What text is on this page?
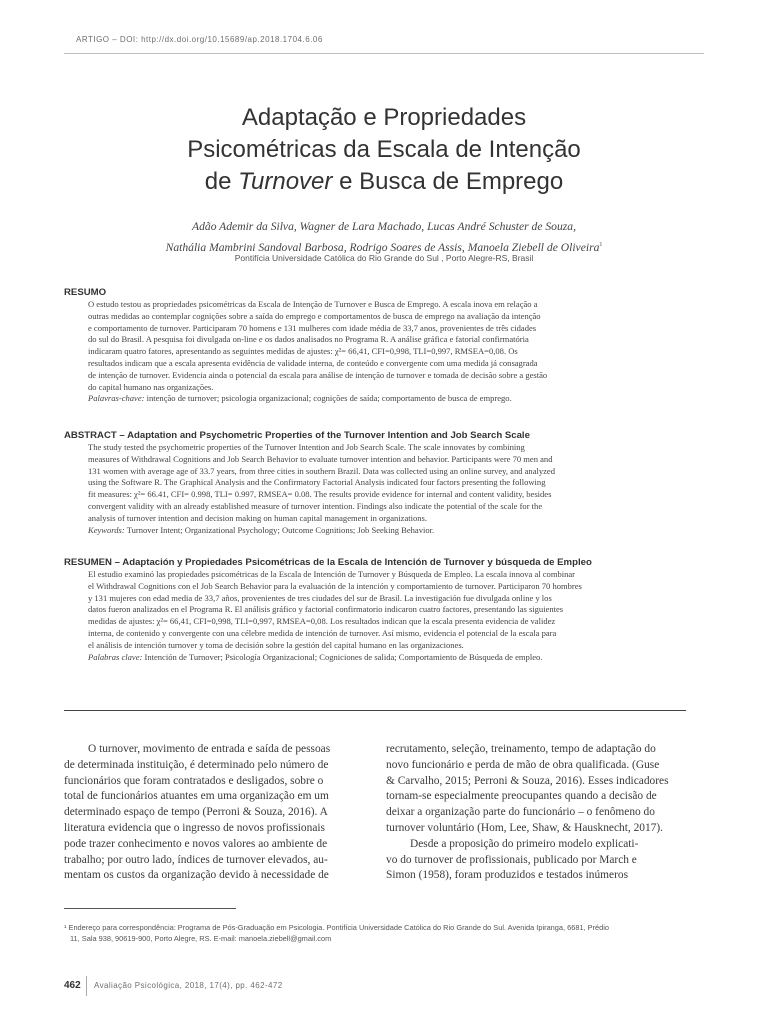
ARTIGO – DOI: http://dx.doi.org/10.15689/ap.2018.1704.6.06
Adaptação e Propriedades
Psicométricas da Escala de Intenção
de Turnover e Busca de Emprego
Adão Ademir da Silva, Wagner de Lara Machado, Lucas André Schuster de Souza,
Nathália Mambrini Sandoval Barbosa, Rodrigo Soares de Assis, Manoela Ziebell de Oliveira$^1$
Pontifícia Universidade Católica do Rio Grande do Sul , Porto Alegre-RS, Brasil
RESUMO
O estudo testou as propriedades psicométricas da Escala de Intenção de Turnover e Busca de Emprego. A escala inova em relação a
outras medidas ao contemplar cognições sobre a saída do emprego e comportamentos de busca de emprego na avaliação da intenção
e comportamento de turnover. Participaram 70 homens e 131 mulheres com idade média de 33,7 anos, provenientes de três cidades
do sul do Brasil. A pesquisa foi divulgada on-line e os dados analisados no Programa R. A análise gráfica e fatorial confirmatória
indicaram quatro fatores, apresentando as seguintes medidas de ajustes: χ²= 66,41, CFI=0,998, TLI=0,997, RMSEA=0,08. Os
resultados indicam que a escala apresenta evidência de validade interna, de conteúdo e convergente com uma medida já consagrada
de intenção de turnover. Evidencia ainda o potencial da escala para análise de intenção de turnover e tomada de decisão sobre a gestão
do capital humano nas organizações.
Palavras-chave: intenção de turnover; psicologia organizacional; cognições de saída; comportamento de busca de emprego.
ABSTRACT – Adaptation and Psychometric Properties of the Turnover Intention and Job Search Scale
The study tested the psychometric properties of the Turnover Intention and Job Search Scale. The scale innovates by combining
measures of Withdrawal Cognitions and Job Search Behavior to evaluate turnover intention and behavior. Participants were 70 men and
131 women with average age of 33.7 years, from three cities in southern Brazil. Data was collected using an online survey, and analyzed
using the Software R. The Graphical Analysis and the Confirmatory Factorial Analysis indicated four factors presenting the following
fit measures: χ²= 66.41, CFI= 0.998, TLI= 0.997, RMSEA= 0.08. The results provide evidence for internal and content validity, besides
convergent validity with an already established measure of turnover intention. Findings also indicate the potential of the scale for the
analysis of turnover intention and decision making on human capital management in organizations.
Keywords: Turnover Intent; Organizational Psychology; Outcome Cognitions; Job Seeking Behavior.
RESUMEN – Adaptación y Propiedades Psicométricas de la Escala de Intención de Turnover y búsqueda de Empleo
El estudio examinó las propiedades psicométricas de la Escala de Intención de Turnover y Búsqueda de Empleo. La escala innova al combinar
el Withdrawal Cognitions con el Job Search Behavior para la evaluación de la intención y comportamiento de turnover. Participaron 70 hombres
y 131 mujeres con edad media de 33,7 años, provenientes de tres ciudades del sur de Brasil. La investigación fue divulgada online y los
datos fueron analizados en el Programa R. El análisis gráfico y factorial confirmatorio indicaron cuatro factores, presentando las siguientes
medidas de ajustes: χ²= 66,41, CFI=0,998, TLI=0,997, RMSEA=0,08. Los resultados indican que la escala presenta evidencia de validez
interna, de contenido y convergente con una célebre medida de intención de turnover. Así mismo, evidencia el potencial de la escala para
el análisis de intención turnover y toma de decisión sobre la gestión del capital humano en las organizaciones.
Palabras clave: Intención de Turnover; Psicología Organizacional; Cogniciones de salida; Comportamiento de Búsqueda de empleo.
O turnover, movimento de entrada e saída de pessoas
de determinada instituição, é determinado pelo número de
funcionários que foram contratados e desligados, sobre o
total de funcionários atuantes em uma organização em um
determinado espaço de tempo (Perroni & Souza, 2016). A
literatura evidencia que o ingresso de novos profissionais
pode trazer conhecimento e novos valores ao ambiente de
trabalho; por outro lado, índices de turnover elevados, au-
mentam os custos da organização devido à necessidade de
recrutamento, seleção, treinamento, tempo de adaptação do
novo funcionário e perda de mão de obra qualificada. (Guse
& Carvalho, 2015; Perroni & Souza, 2016). Esses indicadores
tornam-se especialmente preocupantes quando a decisão de
deixar a organização parte do funcionário – o fenômeno do
turnover voluntário (Hom, Lee, Shaw, & Hausknecht, 2017).
Desde a proposição do primeiro modelo explicati-
vo do turnover de profissionais, publicado por March e
Simon (1958), foram produzidos e testados inúmeros
¹ Endereço para correspondência: Programa de Pós-Graduação em Psicologia. Pontifícia Universidade Católica do Rio Grande do Sul. Avenida Ipiranga, 6681, Prédio
11, Sala 938, 90619-900, Porto Alegre, RS. E-mail: manoela.ziebell@gmail.com
462 Avaliação Psicológica, 2018, 17(4), pp. 462-472
